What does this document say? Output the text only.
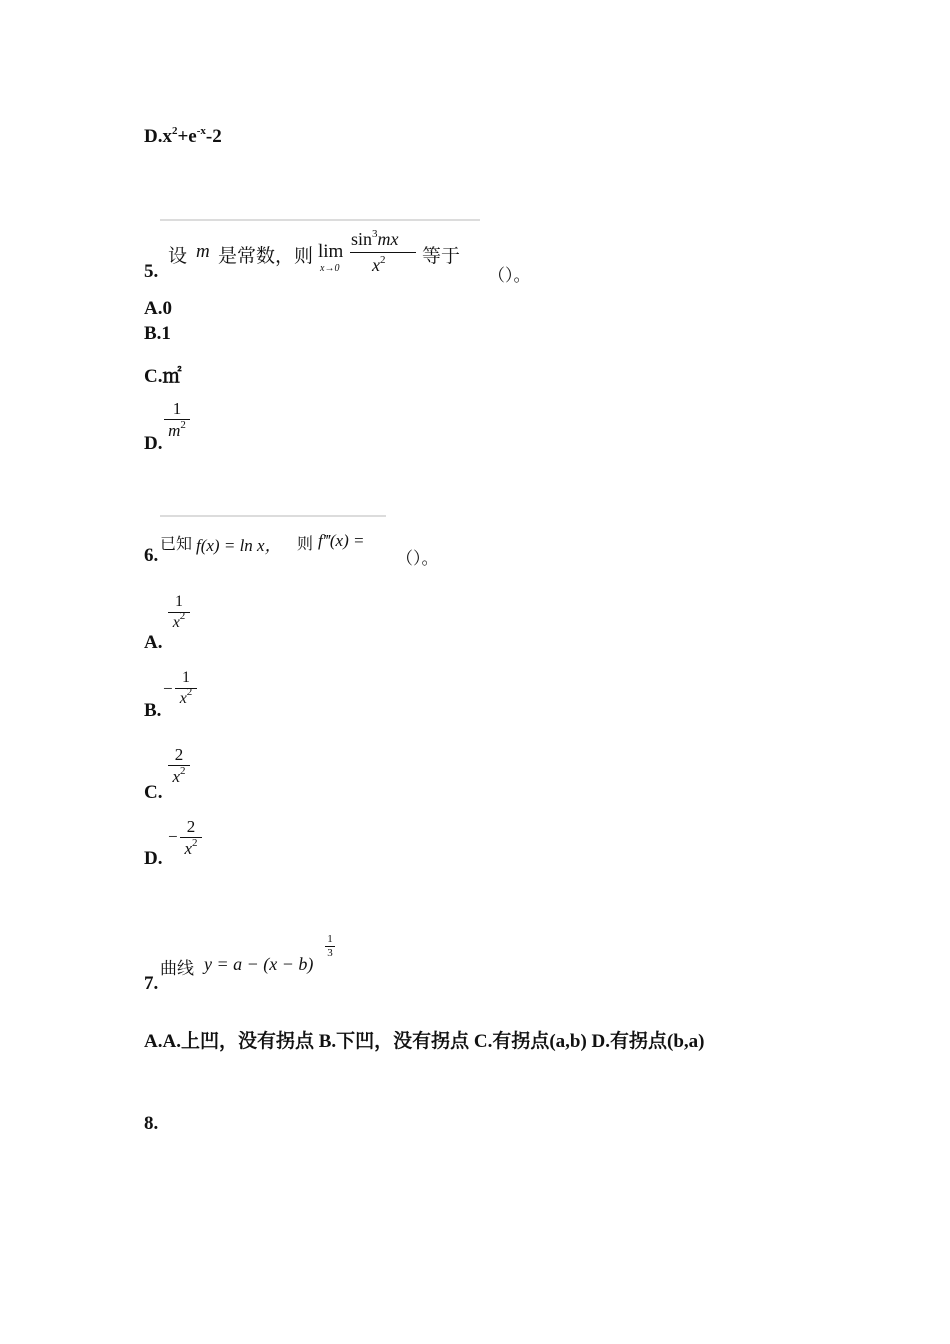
$D.x^2+e^{-x}-2$
5.
设 m 是常数，则 lim
x→0
$\sin^3mx$
$x^2$ 等于
（）。
A.0
B.1
C.㎡
D.
1
$m^2$
6.
已知 f(x) = ln x， 则 f‴(x) =
（）。
A.
1
$x^2$
B.
−
1
$x^2$
C.
2
$x^2$
D.
−
2
$x^2$
7.
曲线 y = a − (x − b)
1
3
A.A.上凹，没有拐点 B.下凹，没有拐点 C.有拐点(a,b) D.有拐点(b,a)
8.
